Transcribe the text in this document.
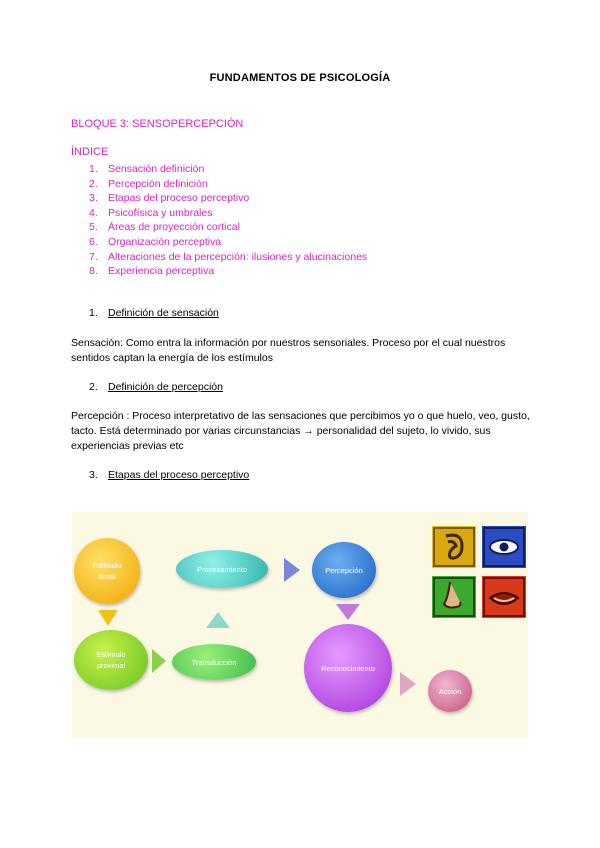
FUNDAMENTOS DE PSICOLOGÍA
BLOQUE 3: SENSOPERCEPCIÓN
ÍNDICE
1. Sensación definición
2. Percepción definición
3. Etapas del proceso perceptivo
4. Psicofísica y umbrales
5. Áreas de proyección cortical
6. Organización perceptiva
7. Alteraciones de la percepción: ilusiones y alucinaciones
8. Experiencia perceptiva
1. Definición de sensación
Sensación: Como entra la información por nuestros sensoriales. Proceso por el cual nuestros sentidos captan la energía de los estímulos
2. Definición de percepción
Percepción : Proceso interpretativo de las sensaciones que percibimos yo o que huelo, veo, gusto, tacto. Está determinado por varias circunstancias → personalidad del sujeto, lo vivido, sus experiencias previas etc
3. Etapas del proceso perceptivo
Estímulo distal
Estímulo proximal
Procesamiento
Transducción
Percepción
Reconocimiento
Acción
